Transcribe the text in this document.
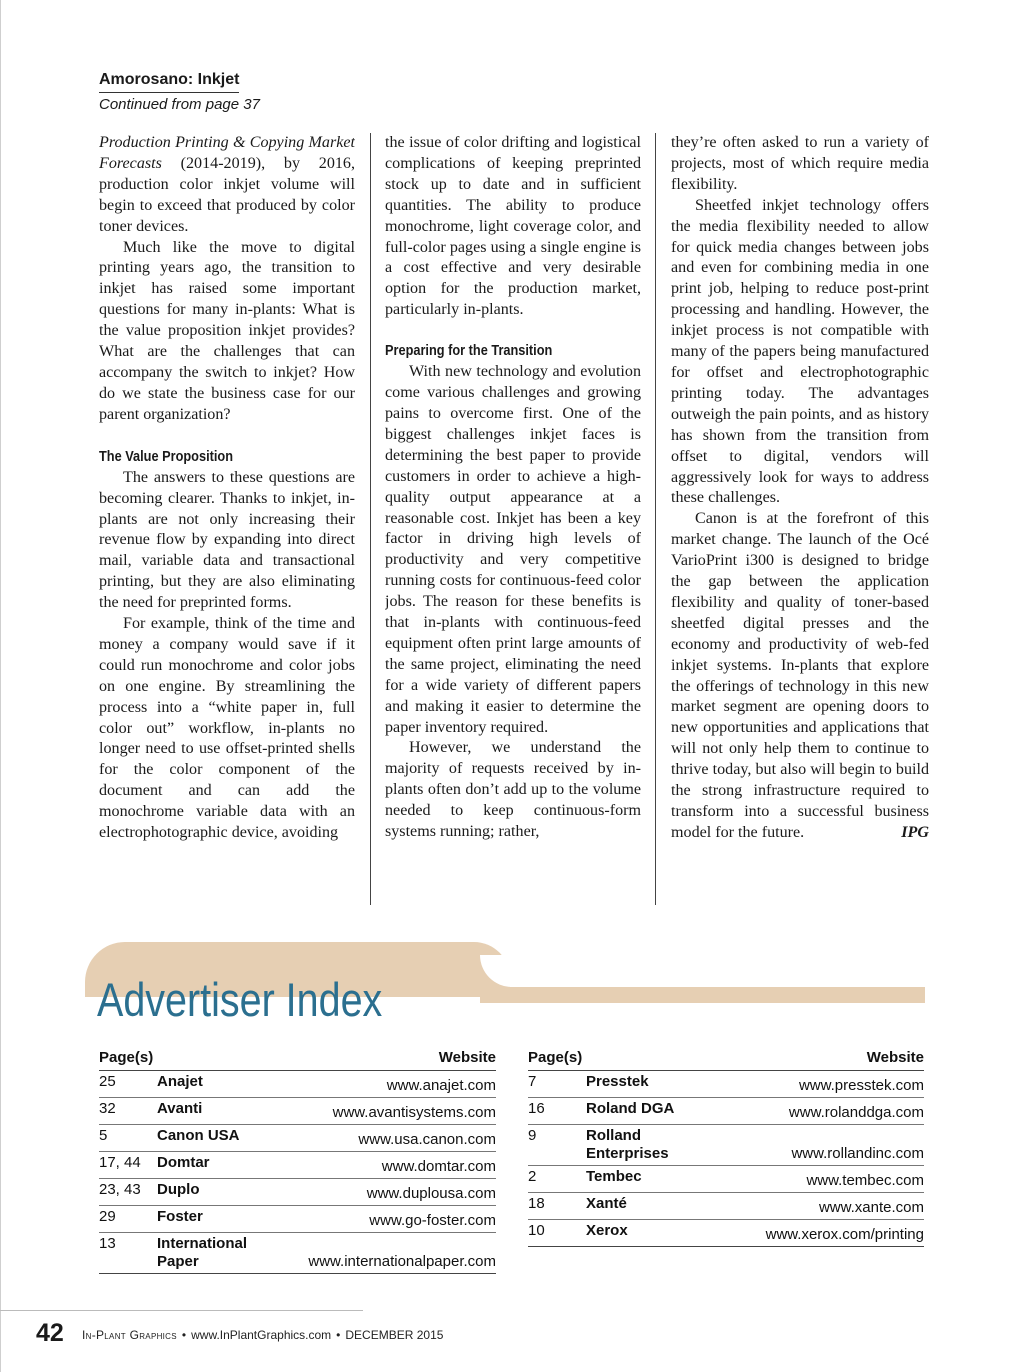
Amorosano: Inkjet
Continued from page 37

Production Printing & Copying Market Forecasts (2014-2019), by 2016, production color inkjet volume will begin to exceed that produced by color toner devices.

Much like the move to digital printing years ago, the transition to inkjet has raised some important questions for many in-plants: What is the value proposition inkjet provides? What are the challenges that can accompany the switch to inkjet? How do we state the business case for our parent organization?

The Value Proposition

The answers to these questions are becoming clearer. Thanks to inkjet, in-plants are not only increasing their revenue flow by expanding into direct mail, variable data and transactional printing, but they are also eliminating the need for preprinted forms.

For example, think of the time and money a company would save if it could run monochrome and color jobs on one engine. By streamlining the process into a “white paper in, full color out” workflow, in-plants no longer need to use offset-printed shells for the color component of the document and can add the monochrome variable data with an electrophotographic device, avoiding

the issue of color drifting and logistical complications of keeping preprinted stock up to date and in sufficient quantities. The ability to produce monochrome, light coverage color, and full-color pages using a single engine is a cost effective and very desirable option for the production market, particularly in-plants.

Preparing for the Transition

With new technology and evolution come various challenges and growing pains to overcome first. One of the biggest challenges inkjet faces is determining the best paper to provide customers in order to achieve a high-quality output appearance at a reasonable cost. Inkjet has been a key factor in driving high levels of productivity and very competitive running costs for continuous-feed color jobs. The reason for these benefits is that in-plants with continuous-feed equipment often print large amounts of the same project, eliminating the need for a wide variety of different papers and making it easier to determine the paper inventory required.

However, we understand the majority of requests received by in-plants often don’t add up to the volume needed to keep continuous-form systems running; rather,

they’re often asked to run a variety of projects, most of which require media flexibility.

Sheetfed inkjet technology offers the media flexibility needed to allow for quick media changes between jobs and even for combining media in one print job, helping to reduce post-print processing and handling. However, the inkjet process is not compatible with many of the papers being manufactured for offset and electrophotographic printing today. The advantages outweigh the pain points, and as history has shown from the transition from offset to digital, vendors will aggressively look for ways to address these challenges.

Canon is at the forefront of this market change. The launch of the Océ VarioPrint i300 is designed to bridge the gap between the application flexibility and quality of toner-based sheetfed digital presses and the economy and productivity of web-fed inkjet systems. In-plants that explore the offerings of technology in this new market segment are opening doors to new opportunities and applications that will not only help them to continue to thrive today, but also will begin to build the strong infrastructure required to transform into a successful business model for the future.	IPG

Advertiser Index
Page(s)		Website
25	Anajet	www.anajet.com
32	Avanti	www.avantisystems.com
5	Canon USA	www.usa.canon.com
17, 44	Domtar	www.domtar.com
23, 43	Duplo	www.duplousa.com
29	Foster	www.go-foster.com
13	International Paper	www.internationalpaper.com
Page(s)		Website
7	Presstek	www.presstek.com
16	Roland DGA	www.rolanddga.com
9	Rolland Enterprises	www.rollandinc.com
2	Tembec	www.tembec.com
18	Xanté	www.xante.com
10	Xerox	www.xerox.com/printing
42 In-Plant Graphics • www.InPlantGraphics.com • DECEMBER 2015
